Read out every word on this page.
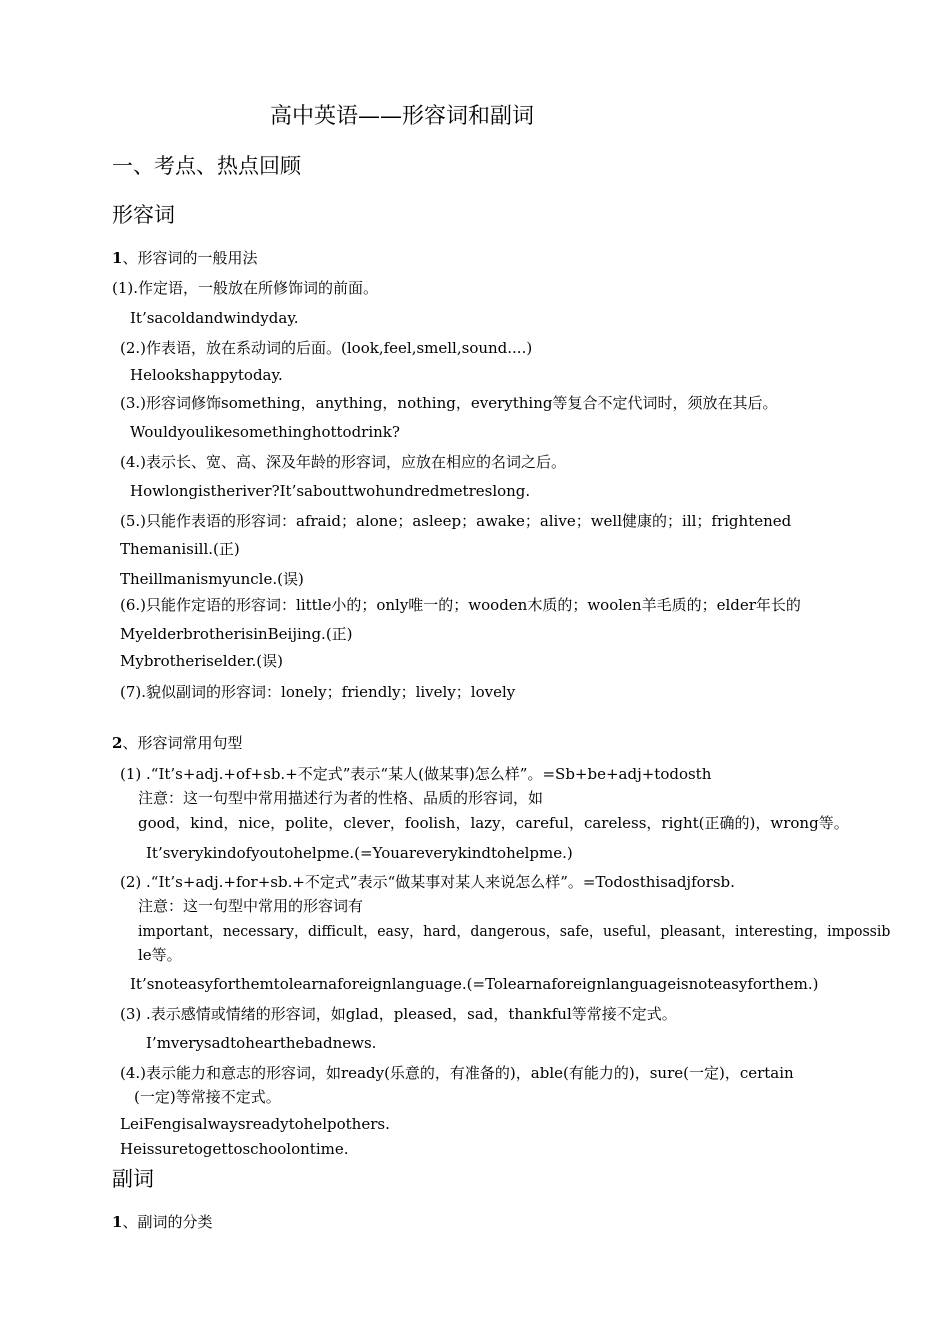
高中英语——形容词和副词
一、考点、热点回顾
形容词
1、形容词的一般用法
(1).作定语，一般放在所修饰词的前面。
It’sacoldandwindyday.
(2.)作表语，放在系动词的后面。(look,feel,smell,sound....)
Helookshappytoday.
(3.)形容词修饰something，anything，nothing，everything等复合不定代词时，须放在其后。
Wouldyoulikesomethinghottodrink?
(4.)表示长、宽、高、深及年龄的形容词，应放在相应的名词之后。
Howlongistheriver?It’sabouttwohundredmetreslong.
(5.)只能作表语的形容词：afraid；alone；asleep；awake；alive；well健康的；ill；frightened
Themanisill.(正)
Theillmanismyuncle.(误)
(6.)只能作定语的形容词：little小的；only唯一的；wooden木质的；woolen羊毛质的；elder年长的
MyelderbrotherisinBeijing.(正)
Mybrotheriselder.(误)
(7).貌似副词的形容词：lonely；friendly；lively；lovely
2、形容词常用句型
(1) .“It’s+adj.+of+sb.+不定式”表示“某人(做某事)怎么样”。=Sb+be+adj+todosth
注意：这一句型中常用描述行为者的性格、品质的形容词，如
good，kind，nice，polite，clever，foolish，lazy，careful，careless，right(正确的)，wrong等。
It’sverykindofyoutohelpme.(=Youareverykindtohelpme.)
(2) .“It’s+adj.+for+sb.+不定式”表示“做某事对某人来说怎么样”。=Todosthisadjforsb.
注意：这一句型中常用的形容词有
important，necessary，difficult，easy，hard，dangerous，safe，useful，pleasant，interesting，impossib
le等。
It’snoteasyforthemtolearnaforeignlanguage.(=Tolearnaforeignlanguageisnoteasyforthem.)
(3) .表示感情或情绪的形容词，如glad，pleased，sad，thankful等常接不定式。
I’mverysadtohearthebadnews.
(4.)表示能力和意志的形容词，如ready(乐意的，有准备的)，able(有能力的)，sure(一定)，certain
(一定)等常接不定式。
LeiFengisalwaysreadytohelpothers.
Heissuretogettoschoolontime.
副词
1、副词的分类
